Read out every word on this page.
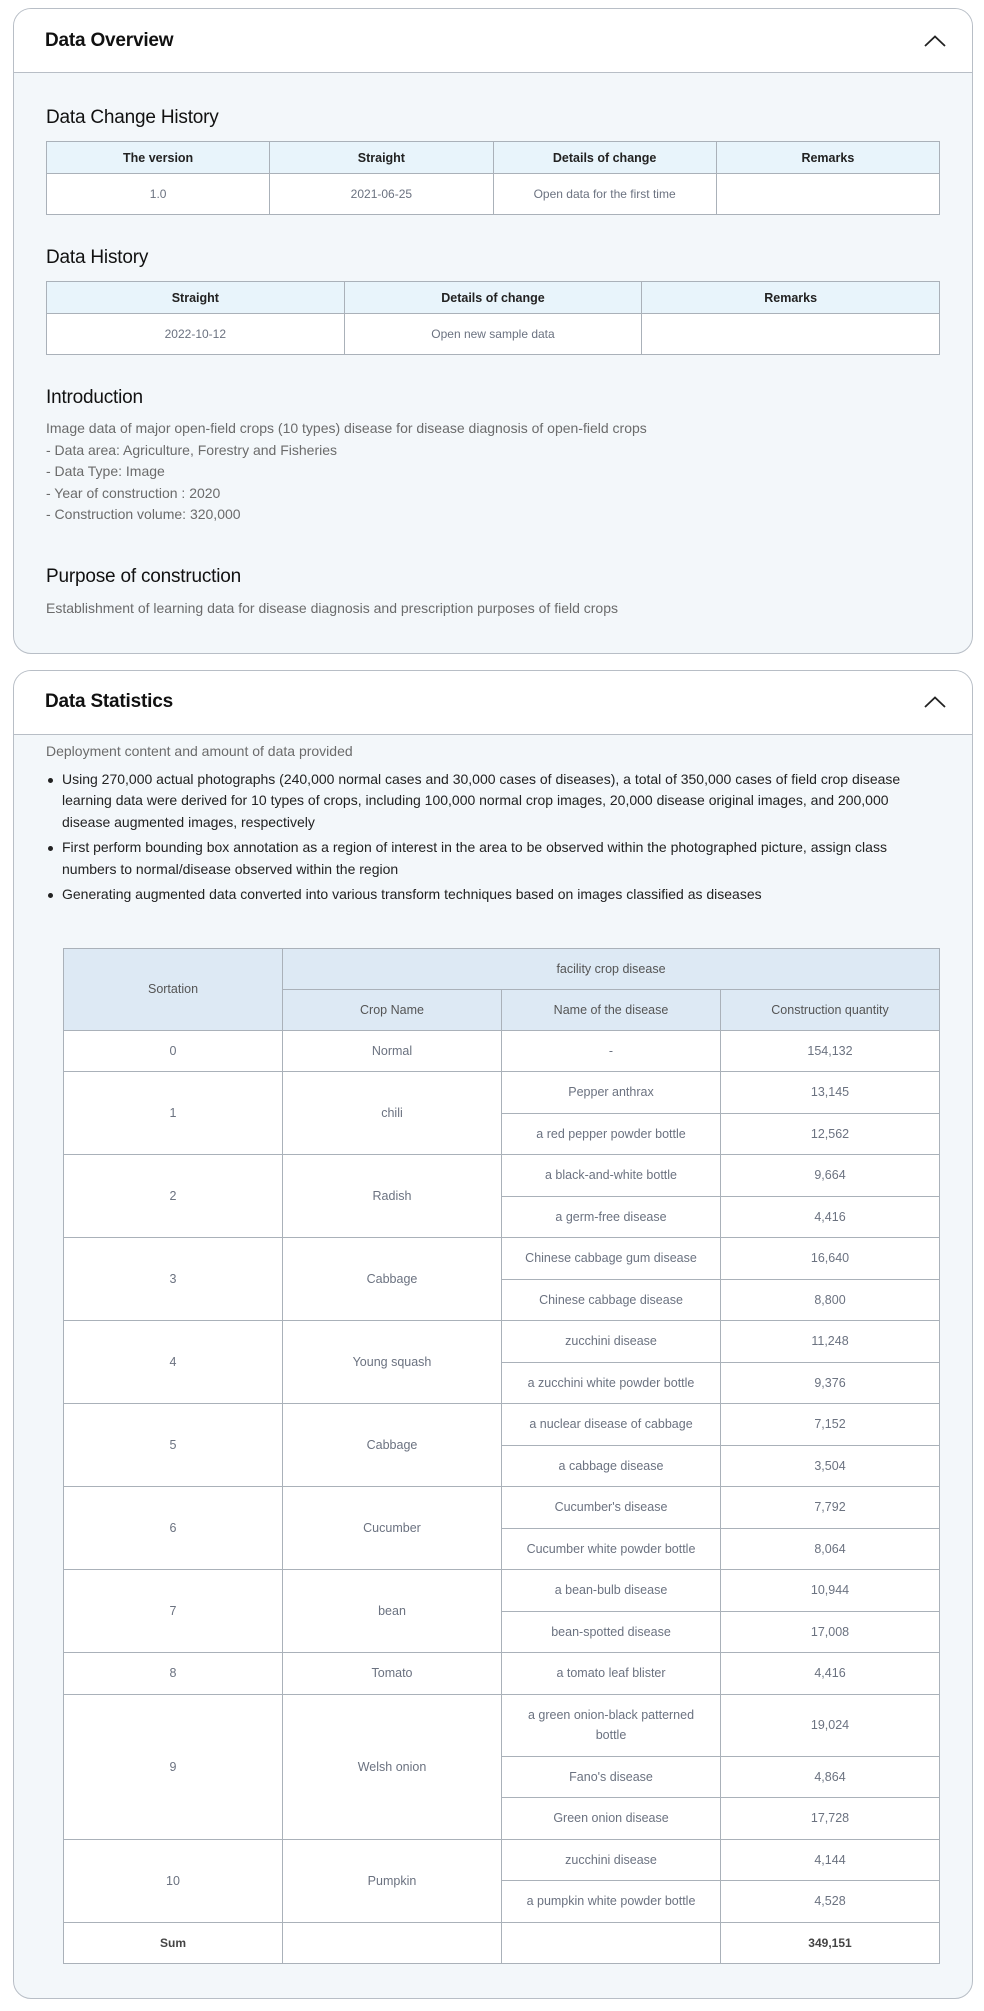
Data Overview
Data Change History
The version	Straight	Details of change	Remarks
1.0	2021-06-25	Open data for the first time	
Data History
Straight	Details of change	Remarks
2022-10-12	Open new sample data	
Introduction

Image data of major open-field crops (10 types) disease for disease diagnosis of open-field crops

- Data area: Agriculture, Forestry and Fisheries

- Data Type: Image

- Year of construction : 2020

- Construction volume: 320,000

Purpose of construction

Establishment of learning data for disease diagnosis and prescription purposes of field crops

Data Statistics

Deployment content and amount of data provided

Using 270,000 actual photographs (240,000 normal cases and 30,000 cases of diseases), a total of 350,000 cases of field crop disease learning data were derived for 10 types of crops, including 100,000 normal crop images, 20,000 disease original images, and 200,000 disease augmented images, respectively
First perform bounding box annotation as a region of interest in the area to be observed within the photographed picture, assign class numbers to normal/disease observed within the region
Generating augmented data converted into various transform techniques based on images classified as diseases
Sortation	facility crop disease		
	Crop Name	Name of the disease	Construction quantity
0	Normal	-	154,132
1	chili	Pepper anthrax	13,145
		a red pepper powder bottle	12,562
2	Radish	a black-and-white bottle	9,664
		a germ-free disease	4,416
3	Cabbage	Chinese cabbage gum disease	16,640
		Chinese cabbage disease	8,800
4	Young squash	zucchini disease	11,248
		a zucchini white powder bottle	9,376
5	Cabbage	a nuclear disease of cabbage	7,152
		a cabbage disease	3,504
6	Cucumber	Cucumber's disease	7,792
		Cucumber white powder bottle	8,064
7	bean	a bean-bulb disease	10,944
		bean-spotted disease	17,008
8	Tomato	a tomato leaf blister	4,416
9	Welsh onion	a green onion-black patterned bottle	19,024
		Fano's disease	4,864
		Green onion disease	17,728
10	Pumpkin	zucchini disease	4,144
		a pumpkin white powder bottle	4,528
Sum			349,151
